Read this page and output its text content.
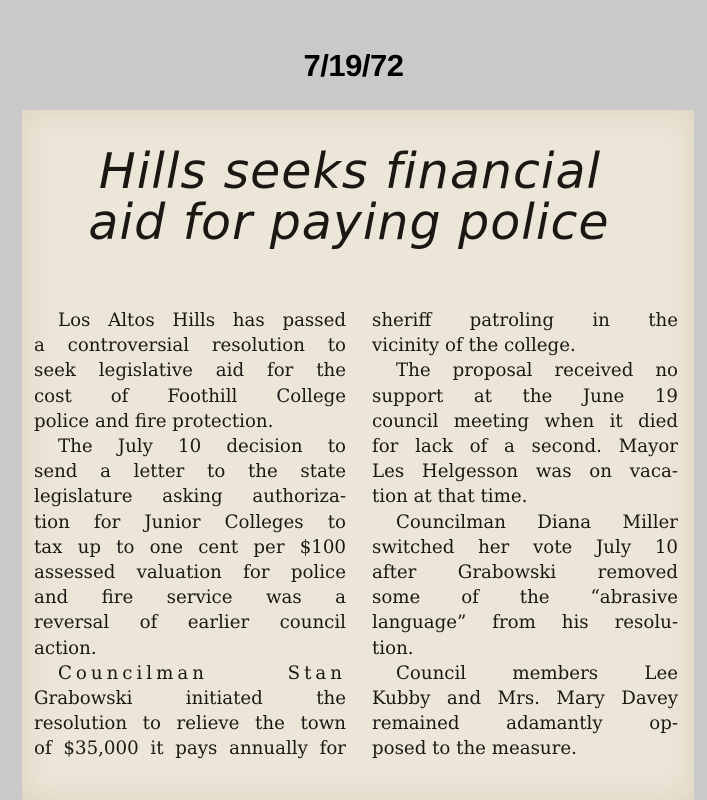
7/19/72
Hills seeks financial
aid for paying police
Los Altos Hills has passed
a controversial resolution to
seek legislative aid for the
cost of Foothill College
police and fire protection.
The July 10 decision to
send a letter to the state
legislature asking authoriza-
tion for Junior Colleges to
tax up to one cent per $100
assessed valuation for police
and fire service was a
reversal of earlier council
action.
Councilman Stan
Grabowski initiated the
resolution to relieve the town
of $35,000 it pays annually for
sheriff patroling in the
vicinity of the college.
The proposal received no
support at the June 19
council meeting when it died
for lack of a second. Mayor
Les Helgesson was on vaca-
tion at that time.
Councilman Diana Miller
switched her vote July 10
after Grabowski removed
some of the “abrasive
language” from his resolu-
tion.
Council members Lee
Kubby and Mrs. Mary Davey
remained adamantly op-
posed to the measure.
